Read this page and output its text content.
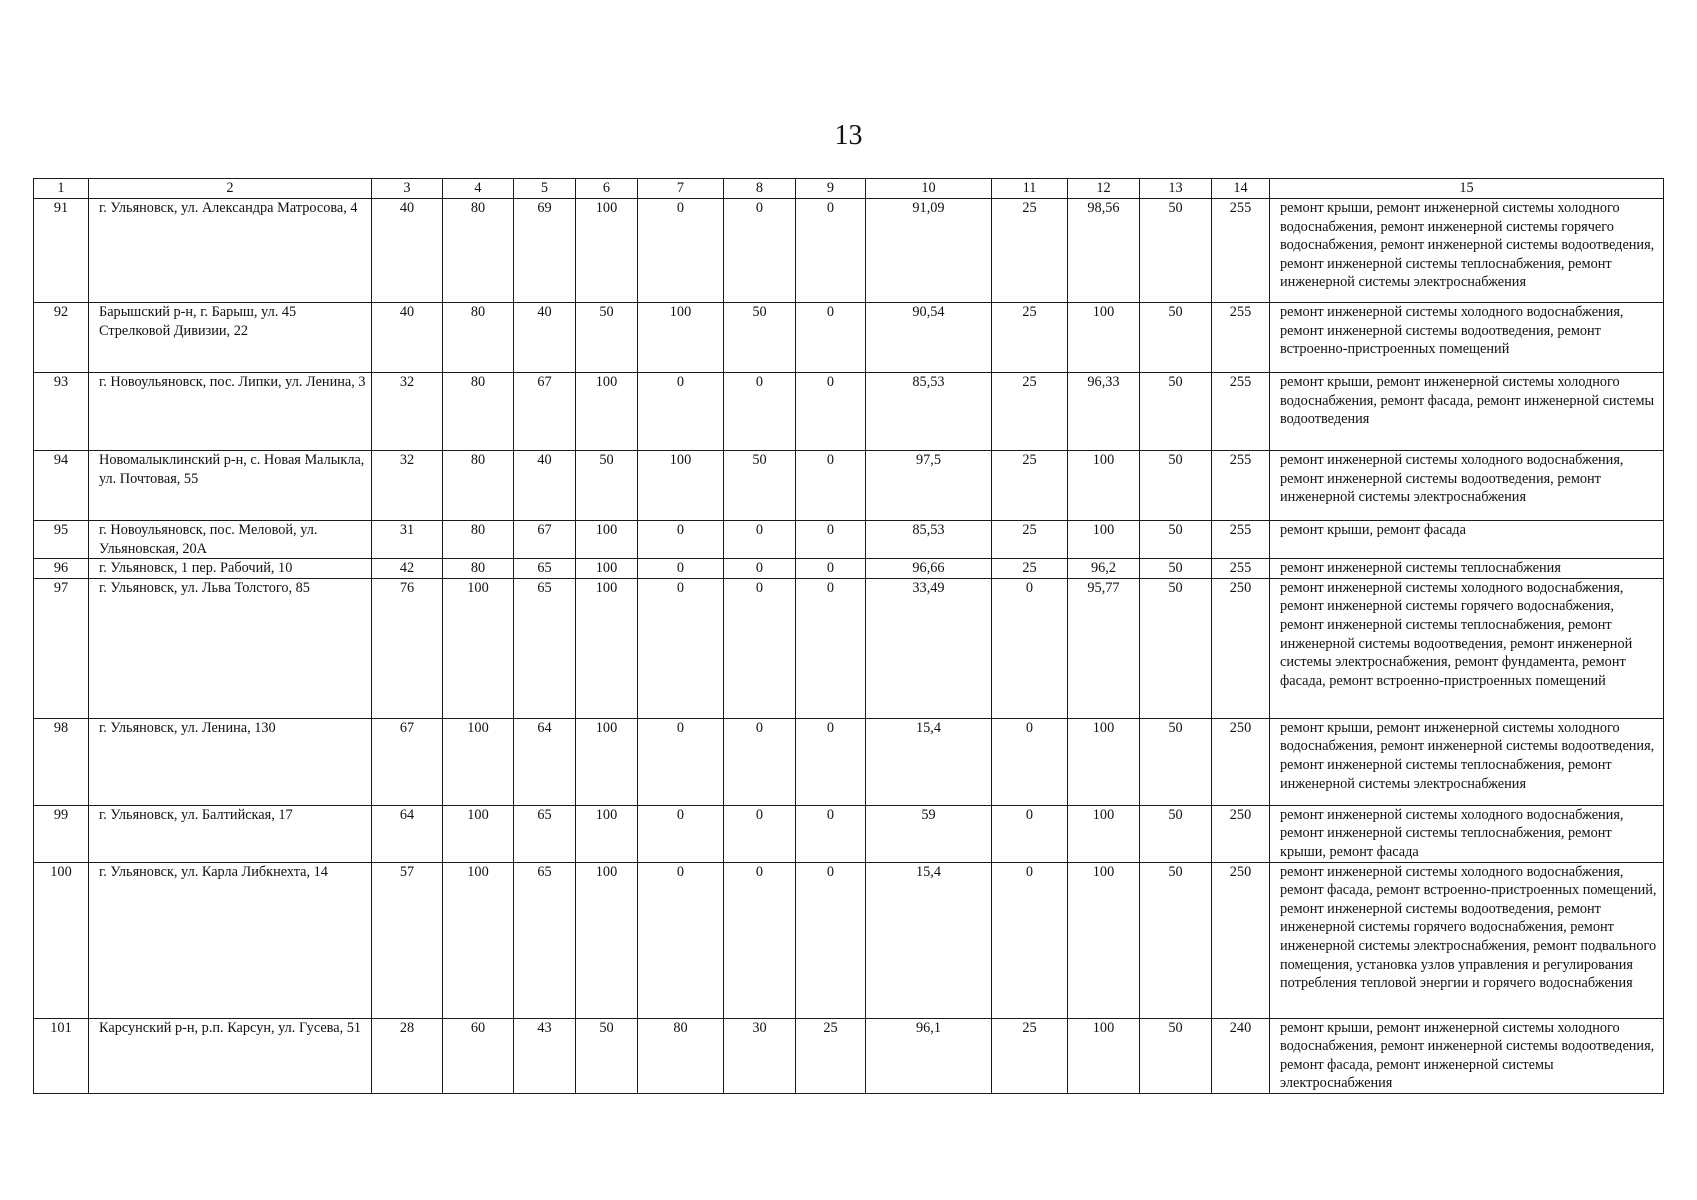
13
1	2	3	4	5	6	7	8	9	10	11	12	13	14	15
91	г. Ульяновск, ул. Александра Матросова, 4	40	80	69	100	0	0	0	91,09	25	98,56	50	255	ремонт крыши, ремонт инженерной системы холодного водоснабжения, ремонт инженерной системы горячего водоснабжения, ремонт инженерной системы водоотведения, ремонт инженерной системы теплоснабжения, ремонт инженерной системы электроснабжения
92	Барышский р-н, г. Барыш, ул. 45 Стрелковой Дивизии, 22	40	80	40	50	100	50	0	90,54	25	100	50	255	ремонт инженерной системы холодного водоснабжения, ремонт инженерной системы водоотведения, ремонт встроенно-пристроенных помещений
93	г. Новоульяновск, пос. Липки, ул. Ленина, 3	32	80	67	100	0	0	0	85,53	25	96,33	50	255	ремонт крыши, ремонт инженерной системы холодного водоснабжения, ремонт фасада, ремонт инженерной системы водоотведения
94	Новомалыклинский р-н, с. Новая Малыкла, ул. Почтовая, 55	32	80	40	50	100	50	0	97,5	25	100	50	255	ремонт инженерной системы холодного водоснабжения, ремонт инженерной системы водоотведения, ремонт инженерной системы электроснабжения
95	г. Новоульяновск, пос. Меловой, ул. Ульяновская, 20А	31	80	67	100	0	0	0	85,53	25	100	50	255	ремонт крыши, ремонт фасада
96	г. Ульяновск, 1 пер. Рабочий, 10	42	80	65	100	0	0	0	96,66	25	96,2	50	255	ремонт инженерной системы теплоснабжения
97	г. Ульяновск, ул. Льва Толстого, 85	76	100	65	100	0	0	0	33,49	0	95,77	50	250	ремонт инженерной системы холодного водоснабжения, ремонт инженерной системы горячего водоснабжения, ремонт инженерной системы теплоснабжения, ремонт инженерной системы водоотведения, ремонт инженерной системы электроснабжения, ремонт фундамента, ремонт фасада, ремонт встроенно-пристроенных помещений
98	г. Ульяновск, ул. Ленина, 130	67	100	64	100	0	0	0	15,4	0	100	50	250	ремонт крыши, ремонт инженерной системы холодного водоснабжения, ремонт инженерной системы водоотведения, ремонт инженерной системы теплоснабжения, ремонт инженерной системы электроснабжения
99	г. Ульяновск, ул. Балтийская, 17	64	100	65	100	0	0	0	59	0	100	50	250	ремонт инженерной системы холодного водоснабжения, ремонт инженерной системы теплоснабжения, ремонт крыши, ремонт фасада
100	г. Ульяновск, ул. Карла Либкнехта, 14	57	100	65	100	0	0	0	15,4	0	100	50	250	ремонт инженерной системы холодного водоснабжения, ремонт фасада, ремонт встроенно-пристроенных помещений, ремонт инженерной системы водоотведения, ремонт инженерной системы горячего водоснабжения, ремонт инженерной системы электроснабжения, ремонт подвального помещения, установка узлов управления и регулирования потребления тепловой энергии и горячего водоснабжения
101	Карсунский р-н, р.п. Карсун, ул. Гусева, 51	28	60	43	50	80	30	25	96,1	25	100	50	240	ремонт крыши, ремонт инженерной системы холодного водоснабжения, ремонт инженерной системы водоотведения, ремонт фасада, ремонт инженерной системы электроснабжения
